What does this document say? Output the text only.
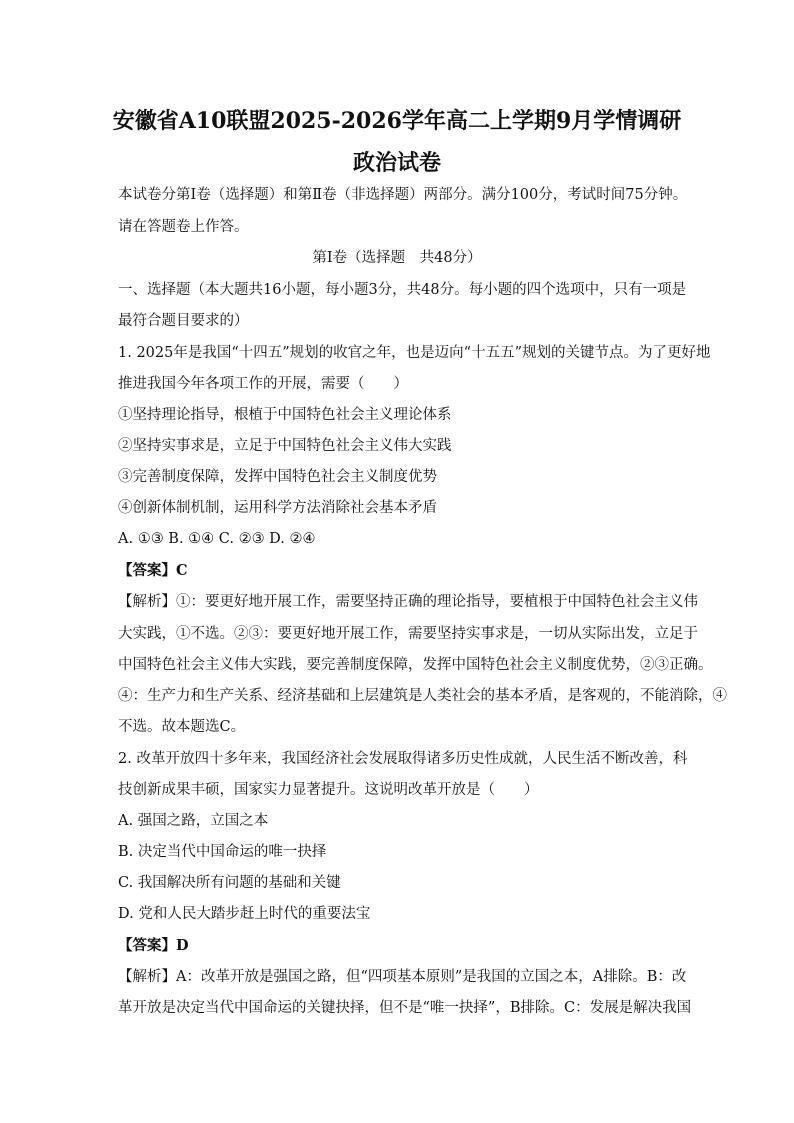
安徽省A10联盟2025-2026学年高二上学期9月学情调研
政治试卷
本试卷分第Ⅰ卷（选择题）和第Ⅱ卷（非选择题）两部分。满分100分，考试时间75分钟。
请在答题卷上作答。
第Ⅰ卷（选择题　共48分）
一、选择题（本大题共16小题，每小题3分，共48分。每小题的四个选项中，只有一项是
最符合题目要求的）
1. 2025年是我国“十四五”规划的收官之年，也是迈向“十五五”规划的关键节点。为了更好地
推进我国今年各项工作的开展，需要（　　）
①坚持理论指导，根植于中国特色社会主义理论体系
②坚持实事求是，立足于中国特色社会主义伟大实践
③完善制度保障，发挥中国特色社会主义制度优势
④创新体制机制，运用科学方法消除社会基本矛盾
A. ①③ B. ①④ C. ②③ D. ②④
【答案】C
【解析】①：要更好地开展工作，需要坚持正确的理论指导，要植根于中国特色社会主义伟
大实践，①不选。②③：要更好地开展工作，需要坚持实事求是，一切从实际出发，立足于
中国特色社会主义伟大实践，要完善制度保障，发挥中国特色社会主义制度优势，②③正确。
④：生产力和生产关系、经济基础和上层建筑是人类社会的基本矛盾，是客观的，不能消除，④
不选。故本题选C。
2. 改革开放四十多年来，我国经济社会发展取得诸多历史性成就，人民生活不断改善，科
技创新成果丰硕，国家实力显著提升。这说明改革开放是（　　）
A. 强国之路，立国之本
B. 决定当代中国命运的唯一抉择
C. 我国解决所有问题的基础和关键
D. 党和人民大踏步赶上时代的重要法宝
【答案】D
【解析】A：改革开放是强国之路，但“四项基本原则”是我国的立国之本，A排除。B：改
革开放是决定当代中国命运的关键抉择，但不是“唯一抉择”，B排除。C：发展是解决我国
